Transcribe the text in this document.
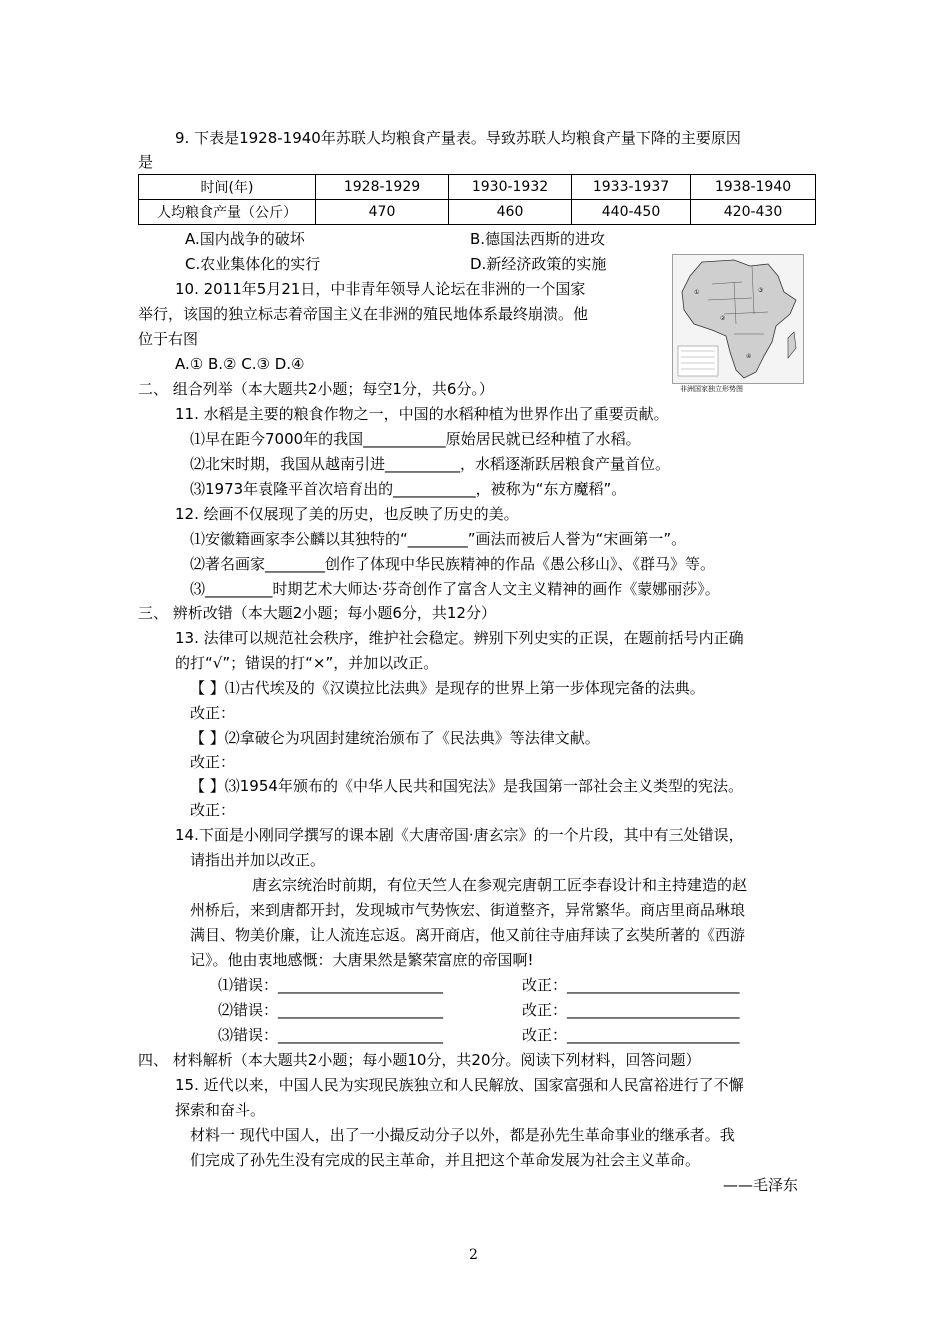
9. 下表是1928-1940年苏联人均粮食产量表。导致苏联人均粮食产量下降的主要原因
是
时间(年)	1928-1929	1930-1932	1933-1937	1938-1940
人均粮食产量（公斤）	470	460	440-450	420-430
A.国内战争的破坏	B.德国法西斯的进攻
C.农业集体化的实行	D.新经济政策的实施
10. 2011年5月21日，中非青年领导人论坛在非洲的一个国家
举行，该国的独立标志着帝国主义在非洲的殖民地体系最终崩溃。他
位于右图
A.① B.② C.③ D.④
①
②
③
④
非洲国家独立形势图
二、 组合列举（本大题共2小题；每空1分，共6分。）
11. 水稻是主要的粮食作物之一，中国的水稻种植为世界作出了重要贡献。
⑴早在距今7000年的我国___________原始居民就已经种植了水稻。
⑵北宋时期，我国从越南引进__________，水稻逐渐跃居粮食产量首位。
⑶1973年袁隆平首次培育出的___________，被称为“东方魔稻”。
12. 绘画不仅展现了美的历史，也反映了历史的美。
⑴安徽籍画家李公麟以其独特的“________”画法而被后人誉为“宋画第一”。
⑵著名画家________创作了体现中华民族精神的作品《愚公移山》、《群马》等。
⑶_________时期艺术大师达·芬奇创作了富含人文主义精神的画作《蒙娜丽莎》。
三、 辨析改错（本大题2小题；每小题6分，共12分）
13. 法律可以规范社会秩序，维护社会稳定。辨别下列史实的正误，在题前括号内正确
的打“√”；错误的打“×”，并加以改正。
【 】⑴古代埃及的《汉谟拉比法典》是现存的世界上第一步体现完备的法典。
改正：
【 】⑵拿破仑为巩固封建统治颁布了《民法典》等法律文献。
改正：
【 】⑶1954年颁布的《中华人民共和国宪法》是我国第一部社会主义类型的宪法。
改正：
14.下面是小刚同学撰写的课本剧《大唐帝国·唐玄宗》的一个片段，其中有三处错误，
请指出并加以改正。
唐玄宗统治时前期，有位天竺人在参观完唐朝工匠李春设计和主持建造的赵
州桥后，来到唐都开封，发现城市气势恢宏、街道整齐，异常繁华。商店里商品琳琅
满目、物美价廉，让人流连忘返。离开商店，他又前往寺庙拜读了玄奘所著的《西游
记》。他由衷地感慨：大唐果然是繁荣富庶的帝国啊!
⑴错误：______________________	改正：_______________________
⑵错误：______________________	改正：_______________________
⑶错误：______________________	改正：_______________________
四、 材料解析（本大题共2小题；每小题10分，共20分。阅读下列材料，回答问题）
15. 近代以来，中国人民为实现民族独立和人民解放、国家富强和人民富裕进行了不懈
探索和奋斗。
材料一 现代中国人，出了一小撮反动分子以外，都是孙先生革命事业的继承者。我
们完成了孙先生没有完成的民主革命，并且把这个革命发展为社会主义革命。
——毛泽东
2
